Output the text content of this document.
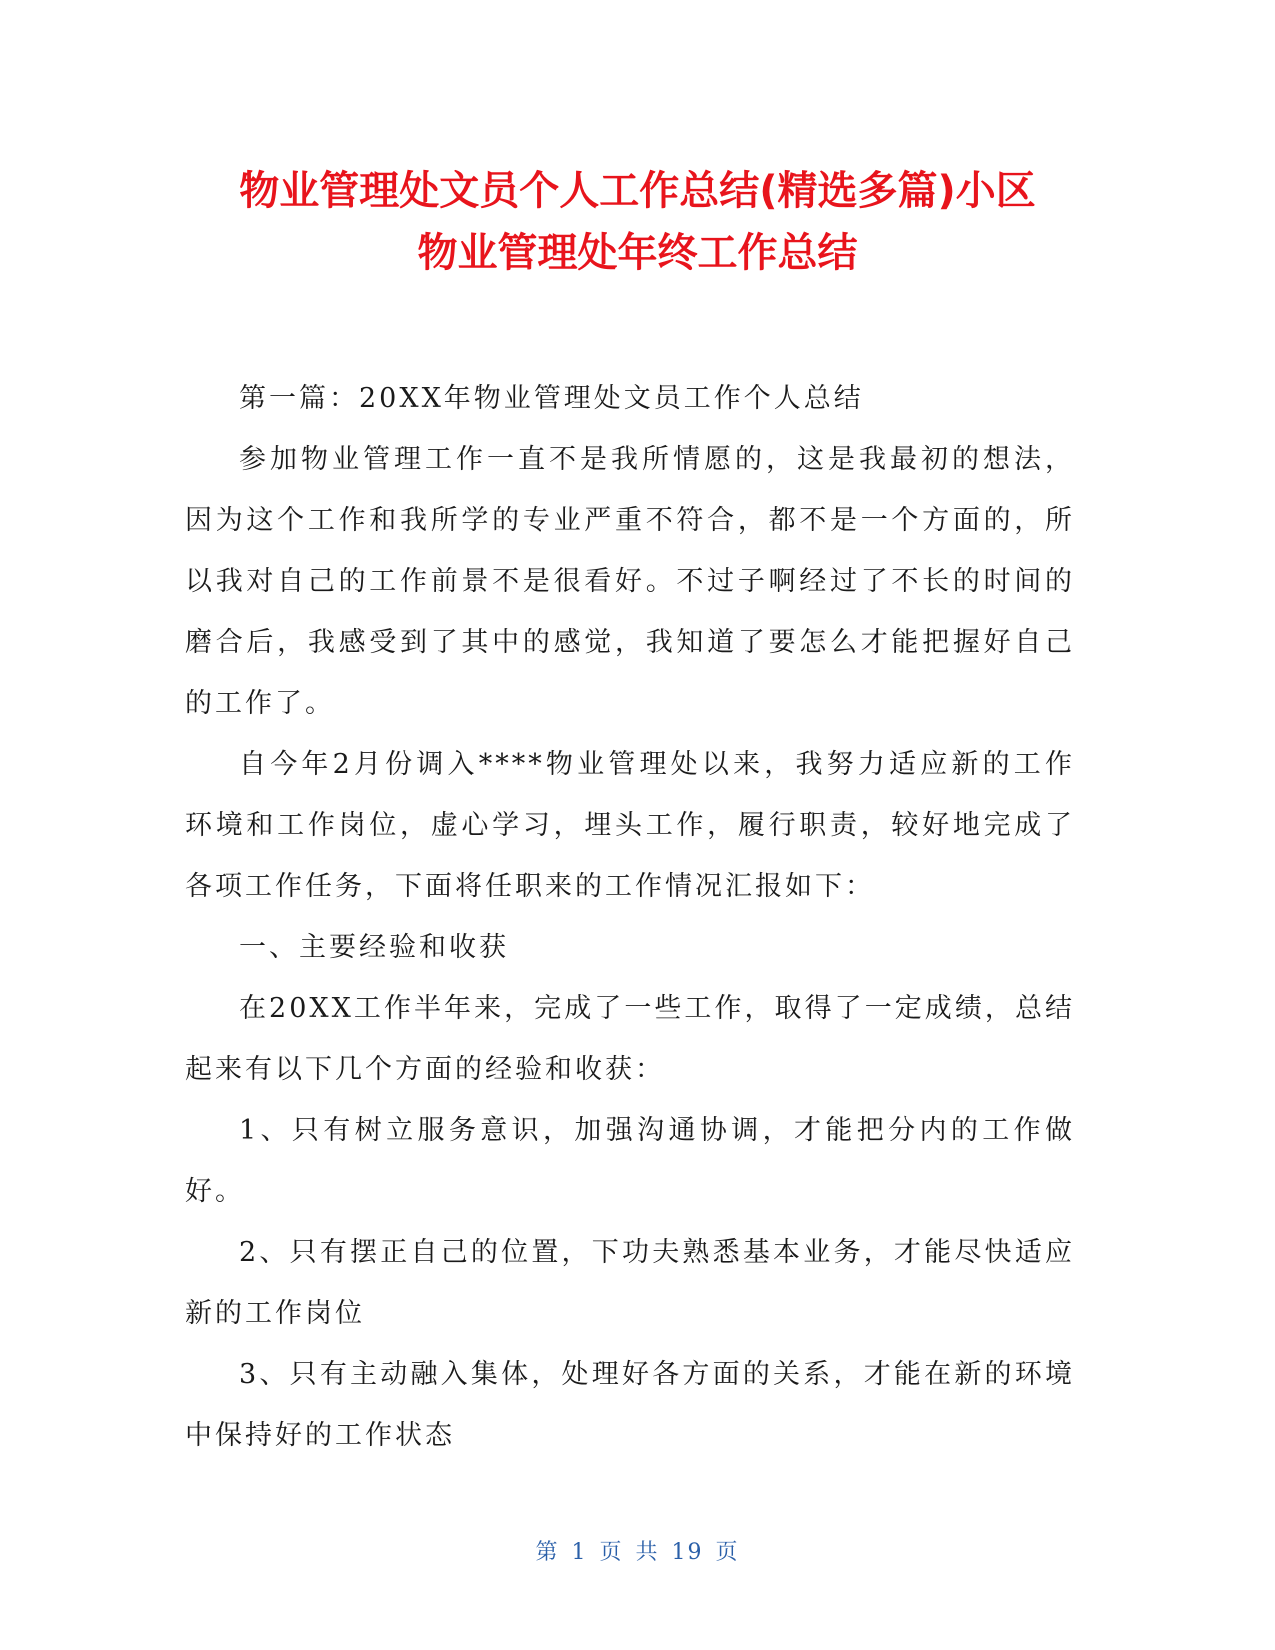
物业管理处文员个人工作总结(精选多篇)小区
物业管理处年终工作总结

第一篇：20XX年物业管理处文员工作个人总结

参加物业管理工作一直不是我所情愿的，这是我最初的想法，因为这个工作和我所学的专业严重不符合，都不是一个方面的，所以我对自己的工作前景不是很看好。不过子啊经过了不长的时间的磨合后，我感受到了其中的感觉，我知道了要怎么才能把握好自己的工作了。

自今年2月份调入****物业管理处以来，我努力适应新的工作环境和工作岗位，虚心学习，埋头工作，履行职责，较好地完成了各项工作任务，下面将任职来的工作情况汇报如下：

一、主要经验和收获

在20XX工作半年来，完成了一些工作，取得了一定成绩，总结起来有以下几个方面的经验和收获：

1、只有树立服务意识，加强沟通协调，才能把分内的工作做好。

2、只有摆正自己的位置，下功夫熟悉基本业务，才能尽快适应新的工作岗位

3、只有主动融入集体，处理好各方面的关系，才能在新的环境中保持好的工作状态

第 1 页 共 19 页
